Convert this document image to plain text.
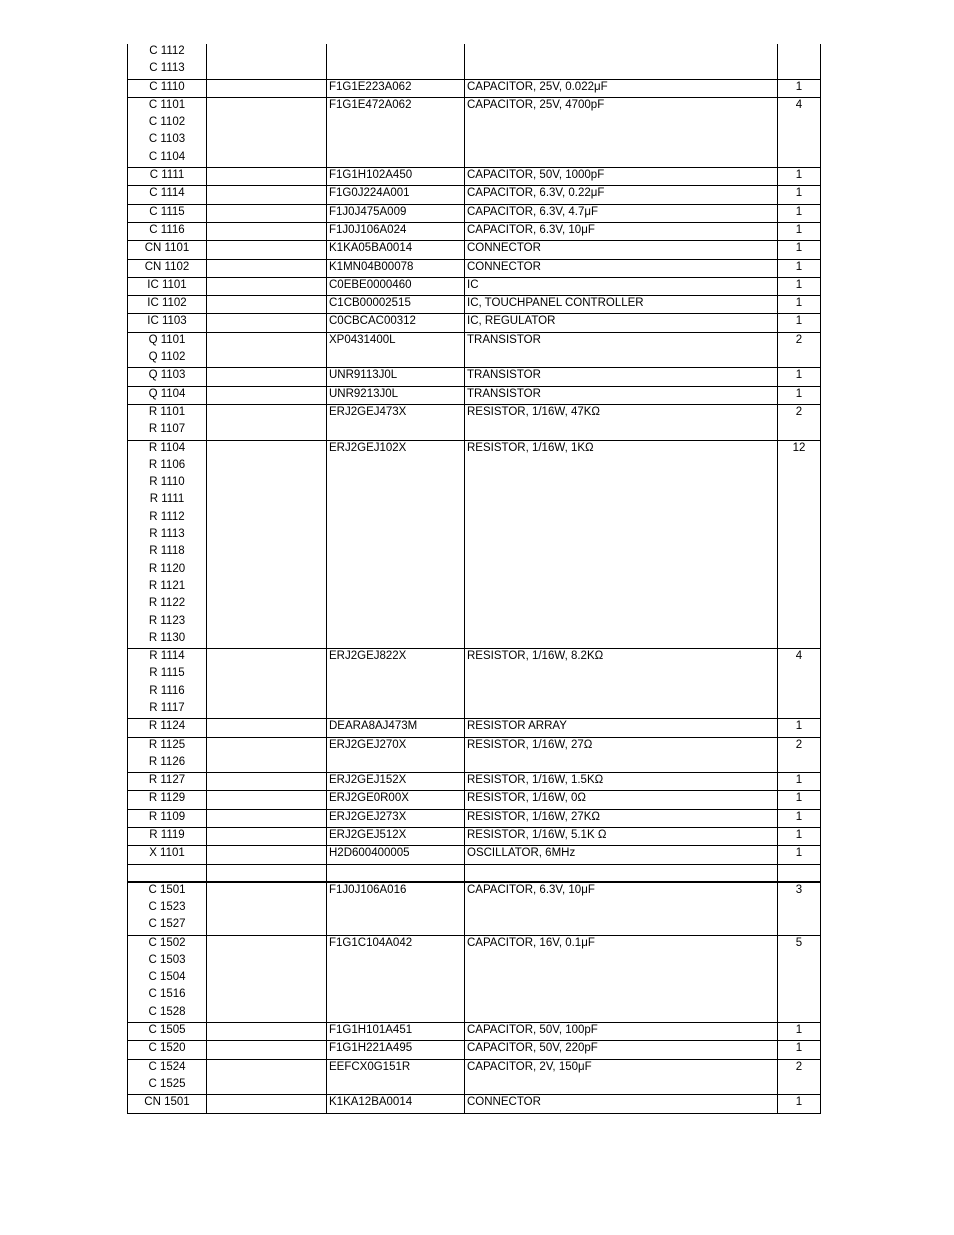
C 1112				
C 1113				
C 1110		F1G1E223A062	CAPACITOR, 25V, 0.022μF	1
C 1101		F1G1E472A062	CAPACITOR, 25V, 4700pF	4
C 1102				
C 1103				
C 1104				
C 1111		F1G1H102A450	CAPACITOR, 50V, 1000pF	1
C 1114		F1G0J224A001	CAPACITOR, 6.3V, 0.22μF	1
C 1115		F1J0J475A009	CAPACITOR, 6.3V, 4.7μF	1
C 1116		F1J0J106A024	CAPACITOR, 6.3V, 10μF	1
CN 1101		K1KA05BA0014	CONNECTOR	1
CN 1102		K1MN04B00078	CONNECTOR	1
IC 1101		C0EBE0000460	IC	1
IC 1102		C1CB00002515	IC, TOUCHPANEL CONTROLLER	1
IC 1103		C0CBCAC00312	IC, REGULATOR	1
Q 1101		XP0431400L	TRANSISTOR	2
Q 1102				
Q 1103		UNR9113J0L	TRANSISTOR	1
Q 1104		UNR9213J0L	TRANSISTOR	1
R 1101		ERJ2GEJ473X	RESISTOR, 1/16W, 47KΩ	2
R 1107				
R 1104		ERJ2GEJ102X	RESISTOR, 1/16W, 1KΩ	12
R 1106				
R 1110				
R 1111				
R 1112				
R 1113				
R 1118				
R 1120				
R 1121				
R 1122				
R 1123				
R 1130				
R 1114		ERJ2GEJ822X	RESISTOR, 1/16W, 8.2KΩ	4
R 1115				
R 1116				
R 1117				
R 1124		DEARA8AJ473M	RESISTOR ARRAY	1
R 1125		ERJ2GEJ270X	RESISTOR, 1/16W, 27Ω	2
R 1126				
R 1127		ERJ2GEJ152X	RESISTOR, 1/16W, 1.5KΩ	1
R 1129		ERJ2GE0R00X	RESISTOR, 1/16W, 0Ω	1
R 1109		ERJ2GEJ273X	RESISTOR, 1/16W, 27KΩ	1
R 1119		ERJ2GEJ512X	RESISTOR, 1/16W, 5.1K Ω	1
X 1101		H2D600400005	OSCILLATOR, 6MHz	1

C 1501		F1J0J106A016	CAPACITOR, 6.3V, 10μF	3
C 1523				
C 1527				
C 1502		F1G1C104A042	CAPACITOR, 16V, 0.1μF	5
C 1503				
C 1504				
C 1516				
C 1528				
C 1505		F1G1H101A451	CAPACITOR, 50V, 100pF	1
C 1520		F1G1H221A495	CAPACITOR, 50V, 220pF	1
C 1524		EEFCX0G151R	CAPACITOR, 2V, 150μF	2
C 1525				
CN 1501		K1KA12BA0014	CONNECTOR	1
